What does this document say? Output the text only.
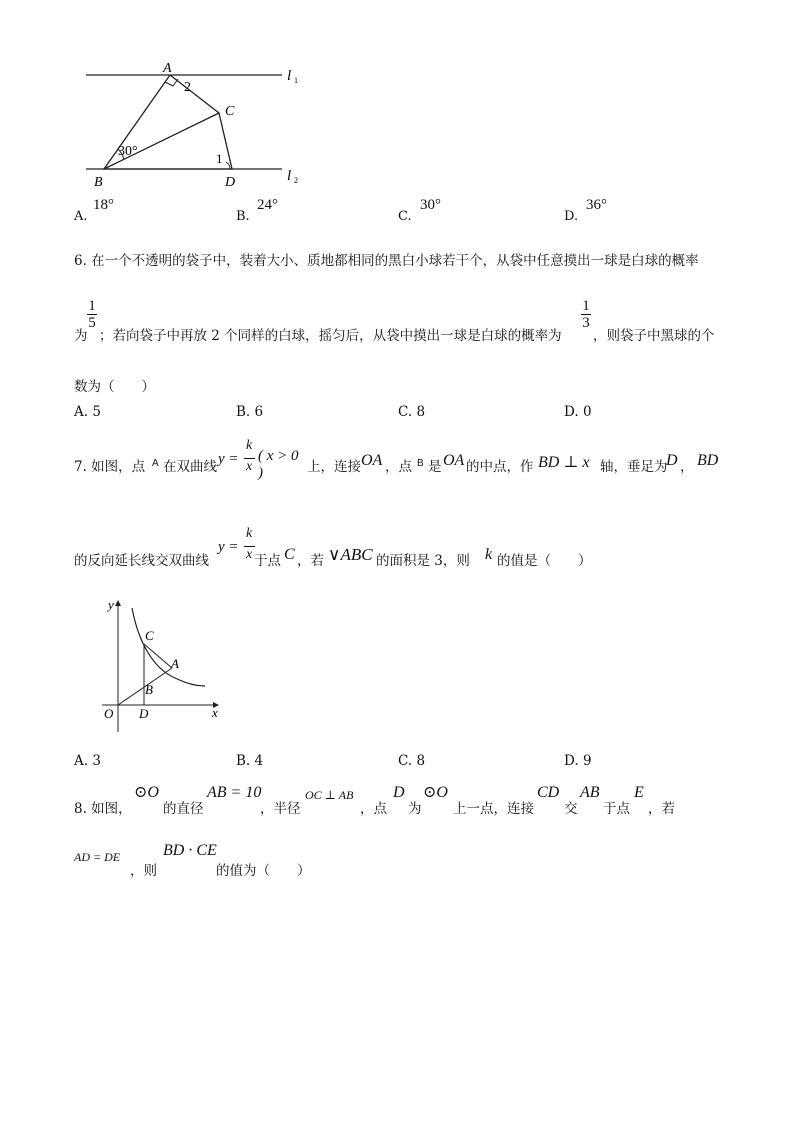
A
2
C
30°	1
B	D
l 1
l 2
A.
18°
B.
24°
C.
30°
D.
36°
6. 在一个不透明的袋子中，装着大小、质地都相同的黑白小球若干个，从袋中任意摸出一球是白球的概率
为
1
5
；若向袋子中再放 2 个同样的白球，摇匀后，从袋中摸出一球是白球的概率为
1
3
，则袋子中黑球的个
数为（　　）
A. 5	B. 6	C. 8	D. 0
7. 如图，点 A 在双曲线 y =
k
x
( x > 0 )	上，连接 OA ，点 B 是 OA 的中点，作 BD ⊥ x 轴，垂足为
D ， BD
的反向延长线交双曲线
y =
k
x 于点 C ，若 ∨ABC 的面积是 3，则 k 的值是（　　）
y
C
A
B
O D	x
A. 3	B. 4	C. 8	D. 9
8. 如图，
⊙O
的直径
AB = 10
，半径
OC ⊥ AB
，点
D
为
⊙O
上一点，连接
CD
交
AB
于点
E
，若
AD = DE
，则
BD · CE
的值为（　　）
